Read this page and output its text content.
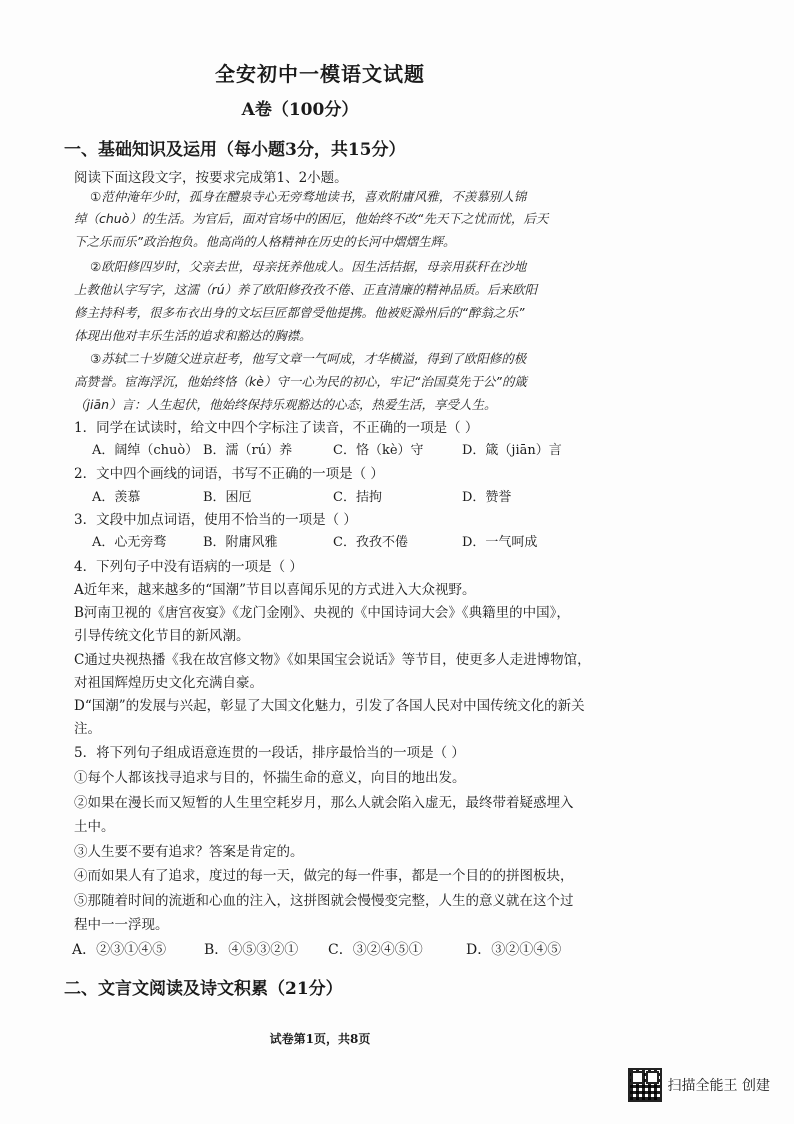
全安初中一模语文试题
A卷（100分）
一、基础知识及运用（每小题3分，共15分）
阅读下面这段文字，按要求完成第1、2小题。
①范仲淹年少时，孤身在醴泉寺心无旁骛地读书，喜欢附庸风雅，不羡慕别人锦
绰（chuò）的生活。为官后，面对官场中的困厄，他始终不改“先天下之忧而忧，后天
下之乐而乐”政治抱负。他高尚的人格精神在历史的长河中熠熠生辉。
②欧阳修四岁时，父亲去世，母亲抚养他成人。因生活拮据，母亲用荻秆在沙地
上教他认字写字，这濡（rú）养了欧阳修孜孜不倦、正直清廉的精神品质。后来欧阳
修主持科考，很多布衣出身的文坛巨匠都曾受他提携。他被贬滁州后的“醉翁之乐”
体现出他对丰乐生活的追求和豁达的胸襟。
③苏轼二十岁随父进京赶考，他写文章一气呵成，才华横溢，得到了欧阳修的极
高赞誉。宦海浮沉，他始终恪（kè）守一心为民的初心，牢记“治国莫先于公”的箴
（jiān）言：人生起伏，他始终保持乐观豁达的心态，热爱生活，享受人生。
1．同学在试读时，给文中四个字标注了读音，不正确的一项是（ ）
A．阔绰（chuò） B．濡（rú）养	C．恪（kè）守	D．箴（jiān）言
2．文中四个画线的词语，书写不正确的一项是（ ）
A．羡慕	B．困厄	C．拮拘	D．赞誉
3．文段中加点词语，使用不恰当的一项是（ ）
A．心无旁骛	B．附庸风雅	C．孜孜不倦	D．一气呵成
4．下列句子中没有语病的一项是（ ）
A近年来，越来越多的“国潮”节目以喜闻乐见的方式进入大众视野。
B河南卫视的《唐宫夜宴》《龙门金刚》、央视的《中国诗词大会》《典籍里的中国》，
引导传统文化节目的新风潮。
C通过央视热播《我在故宫修文物》《如果国宝会说话》等节目，使更多人走进博物馆，
对祖国辉煌历史文化充满自豪。
D“国潮”的发展与兴起，彰显了大国文化魅力，引发了各国人民对中国传统文化的新关
注。
5．将下列句子组成语意连贯的一段话，排序最恰当的一项是（ ）
①每个人都该找寻追求与目的，怀揣生命的意义，向目的地出发。
②如果在漫长而又短暂的人生里空耗岁月，那么人就会陷入虚无，最终带着疑惑埋入
土中。
③人生要不要有追求？答案是肯定的。
④而如果人有了追求，度过的每一天，做完的每一件事，都是一个目的的拼图板块，
⑤那随着时间的流逝和心血的注入，这拼图就会慢慢变完整，人生的意义就在这个过
程中一一浮现。
A．②③①④⑤	B．④⑤③②① C．③②④⑤①	D．③②①④⑤
二、文言文阅读及诗文积累（21分）
试卷第1页，共8页
扫描全能王 创建
